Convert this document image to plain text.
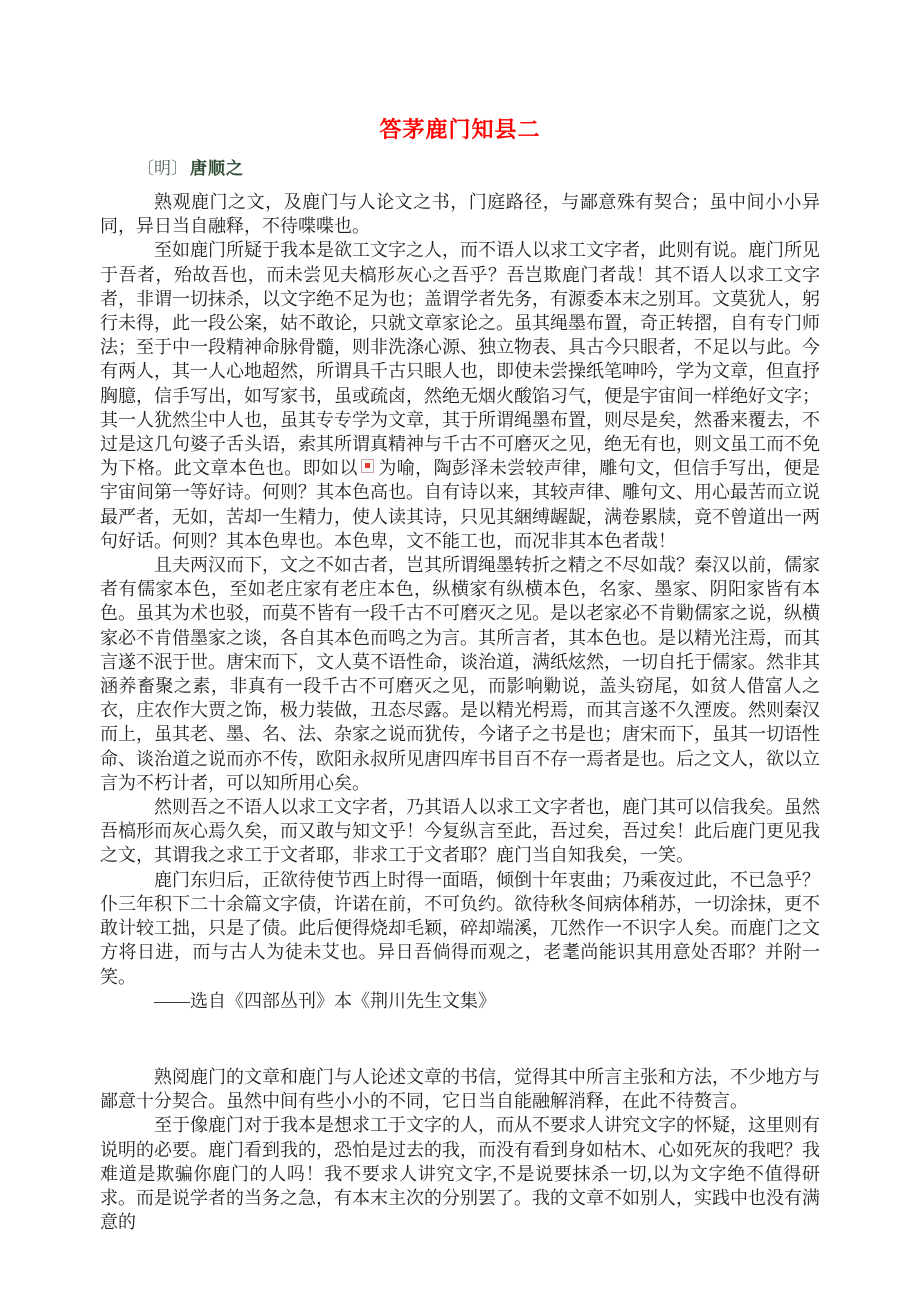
答茅鹿门知县二
〔明〕 唐顺之

熟观鹿门之文，及鹿门与人论文之书，门庭路径，与鄙意殊有契合；虽中间小小异同，异日当自融释，不待喋喋也。

至如鹿门所疑于我本是欲工文字之人，而不语人以求工文字者，此则有说。鹿门所见于吾者，殆故吾也，而未尝见夫槁形灰心之吾乎？吾岂欺鹿门者哉！其不语人以求工文字者，非谓一切抹杀，以文字绝不足为也；盖谓学者先务，有源委本末之别耳。文莫犹人，躬行未得，此一段公案，姑不敢论，只就文章家论之。虽其绳墨布置，奇正转摺，自有专门师法；至于中一段精神命脉骨髓，则非洗涤心源、独立物表、具古今只眼者，不足以与此。今有两人，其一人心地超然，所谓具千古只眼人也，即使未尝操纸笔呻吟，学为文章，但直抒胸臆，信手写出，如写家书，虽或疏卤，然绝无烟火酸馅习气，便是宇宙间一样绝好文字；其一人犹然尘中人也，虽其专专学为文章，其于所谓绳墨布置，则尽是矣，然番来覆去，不过是这几句婆子舌头语，索其所谓真精神与千古不可磨灭之见，绝无有也，则文虽工而不免为下格。此文章本色也。即如以 为喻，陶彭泽未尝较声律，雕句文，但信手写出，便是宇宙间第一等好诗。何则？其本色高也。自有诗以来，其较声律、雕句文、用心最苦而立说最严者，无如，苦却一生精力，使人读其诗，只见其綑缚龌龊，满卷累牍，竟不曾道出一两句好话。何则？其本色卑也。本色卑，文不能工也，而况非其本色者哉！

且夫两汉而下，文之不如古者，岂其所谓绳墨转折之精之不尽如哉？秦汉以前，儒家者有儒家本色，至如老庄家有老庄本色，纵横家有纵横本色，名家、墨家、阴阳家皆有本色。虽其为术也驳，而莫不皆有一段千古不可磨灭之见。是以老家必不肯勦儒家之说，纵横家必不肯借墨家之谈，各自其本色而鸣之为言。其所言者，其本色也。是以精光注焉，而其言遂不泯于世。唐宋而下，文人莫不语性命，谈治道，满纸炫然，一切自托于儒家。然非其涵养畜聚之素，非真有一段千古不可磨灭之见，而影响勦说，盖头窃尾，如贫人借富人之衣，庄农作大贾之饰，极力装做，丑态尽露。是以精光枵焉，而其言遂不久湮废。然则秦汉而上，虽其老、墨、名、法、杂家之说而犹传，今诸子之书是也；唐宋而下，虽其一切语性命、谈治道之说而亦不传，欧阳永叔所见唐四库书目百不存一焉者是也。后之文人，欲以立言为不朽计者，可以知所用心矣。

然则吾之不语人以求工文字者，乃其语人以求工文字者也，鹿门其可以信我矣。虽然吾槁形而灰心焉久矣，而又敢与知文乎！今复纵言至此，吾过矣，吾过矣！此后鹿门更见我之文，其谓我之求工于文者耶，非求工于文者耶？鹿门当自知我矣，一笑。

鹿门东归后，正欲待使节西上时得一面晤，倾倒十年衷曲；乃乘夜过此，不已急乎？仆三年积下二十余篇文字债，许诺在前，不可负约。欲待秋冬间病体稍苏，一切涂抹，更不敢计较工拙，只是了债。此后便得烧却毛颖，碎却端溪，兀然作一不识字人矣。而鹿门之文方将日进，而与古人为徒未艾也。异日吾倘得而观之，老耄尚能识其用意处否耶？并附一笑。

——选自《四部丛刊》本《荆川先生文集》

熟阅鹿门的文章和鹿门与人论述文章的书信，觉得其中所言主张和方法，不少地方与鄙意十分契合。虽然中间有些小小的不同，它日当自能融解消释，在此不待赘言。

至于像鹿门对于我本是想求工于文字的人，而从不要求人讲究文字的怀疑，这里则有说明的必要。鹿门看到我的，恐怕是过去的我，而没有看到身如枯木、心如死灰的我吧？我难道是欺骗你鹿门的人吗！我不要求人讲究文字,不是说要抹杀一切,以为文字绝不值得研求。而是说学者的当务之急，有本末主次的分别罢了。我的文章不如别人，实践中也没有满意的
